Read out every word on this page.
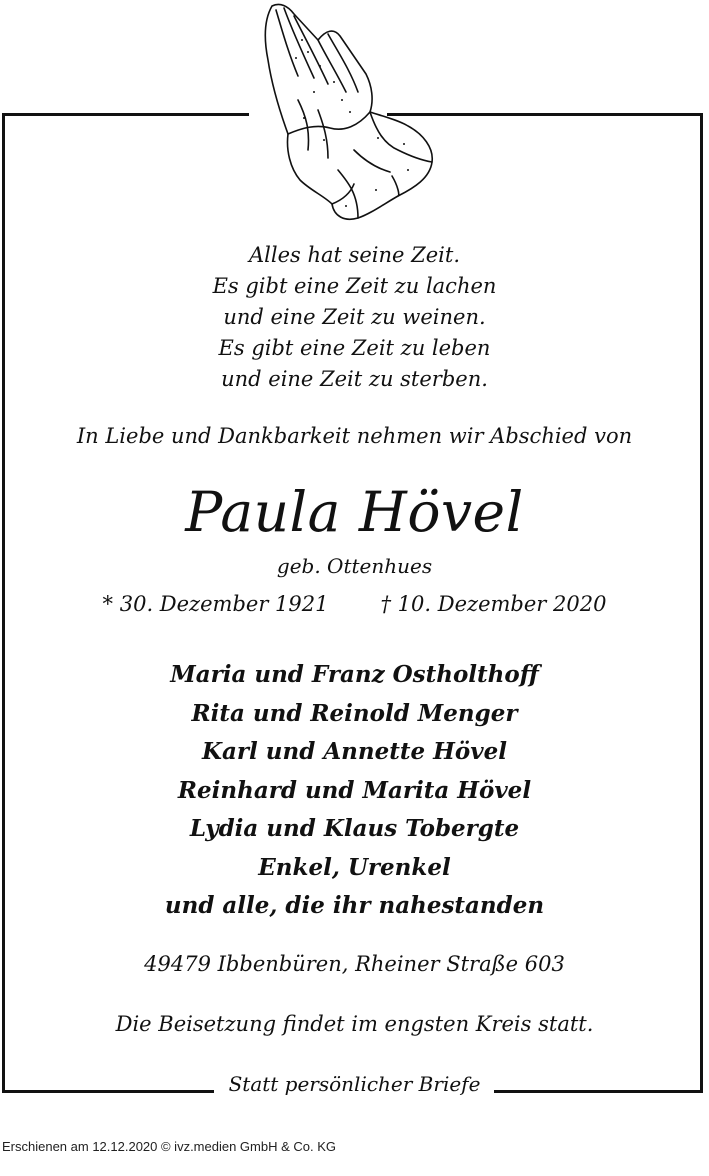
Alles hat seine Zeit.
Es gibt eine Zeit zu lachen
und eine Zeit zu weinen.
Es gibt eine Zeit zu leben
und eine Zeit zu sterben.
In Liebe und Dankbarkeit nehmen wir Abschied von
Paula Hövel
geb. Ottenhues
* 30. Dezember 1921 † 10. Dezember 2020
Maria und Franz Ostholthoff
Rita und Reinold Menger
Karl und Annette Hövel
Reinhard und Marita Hövel
Lydia und Klaus Tobergte
Enkel, Urenkel
und alle, die ihr nahestanden
49479 Ibbenbüren, Rheiner Straße 603
Die Beisetzung findet im engsten Kreis statt.
Statt persönlicher Briefe
Erschienen am 12.12.2020 © ivz.medien GmbH & Co. KG
